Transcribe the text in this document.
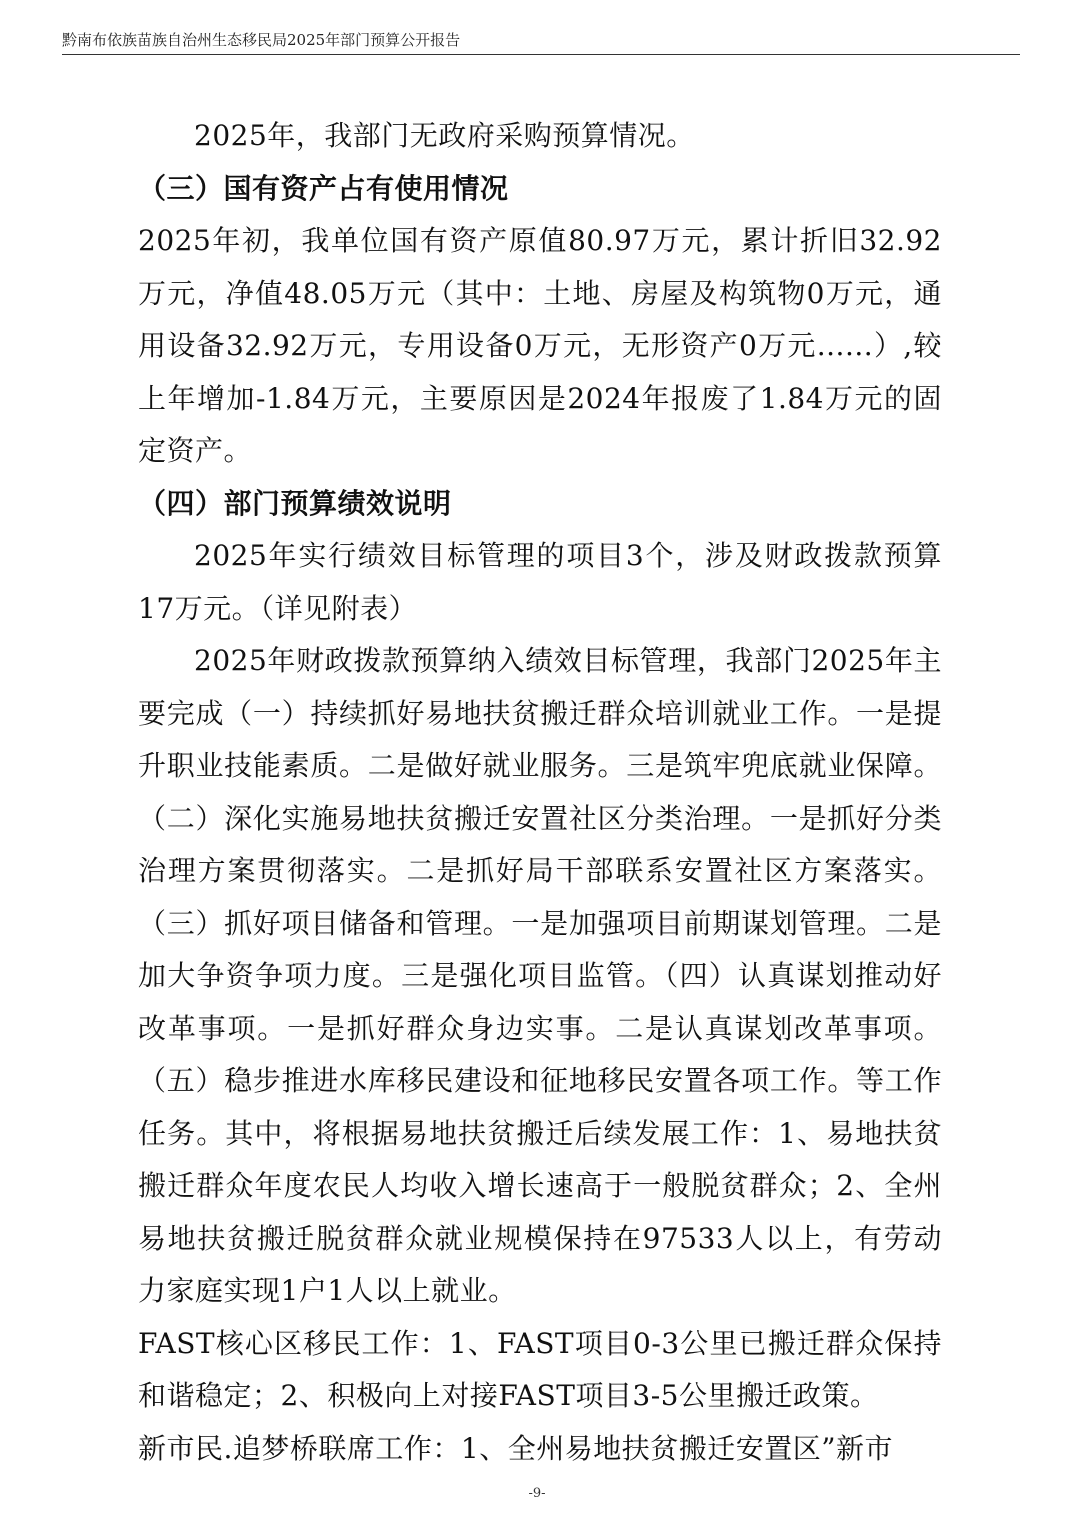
黔南布依族苗族自治州生态移民局2025年部门预算公开报告

2025年，我部门无政府采购预算情况。

（三）国有资产占有使用情况

2025年初，我单位国有资产原值80.97万元，累计折旧32.92万元，净值48.05万元（其中：土地、房屋及构筑物0万元，通用设备32.92万元，专用设备0万元，无形资产0万元......）,较上年增加-1.84万元，主要原因是2024年报废了1.84万元的固定资产。

（四）部门预算绩效说明

2025年实行绩效目标管理的项目3个，涉及财政拨款预算17万元。（详见附表）

2025年财政拨款预算纳入绩效目标管理，我部门2025年主要完成（一）持续抓好易地扶贫搬迁群众培训就业工作。一是提升职业技能素质。二是做好就业服务。三是筑牢兜底就业保障。（二）深化实施易地扶贫搬迁安置社区分类治理。一是抓好分类治理方案贯彻落实。二是抓好局干部联系安置社区方案落实。（三）抓好项目储备和管理。一是加强项目前期谋划管理。二是加大争资争项力度。三是强化项目监管。（四）认真谋划推动好改革事项。一是抓好群众身边实事。二是认真谋划改革事项。（五）稳步推进水库移民建设和征地移民安置各项工作。等工作任务。其中，将根据易地扶贫搬迁后续发展工作：1、易地扶贫搬迁群众年度农民人均收入增长速高于一般脱贫群众；2、全州易地扶贫搬迁脱贫群众就业规模保持在97533人以上，有劳动力家庭实现1户1人以上就业。

FAST核心区移民工作：1、FAST项目0-3公里已搬迁群众保持和谐稳定；2、积极向上对接FAST项目3-5公里搬迁政策。

新市民.追梦桥联席工作：1、全州易地扶贫搬迁安置区”新市

-9-
